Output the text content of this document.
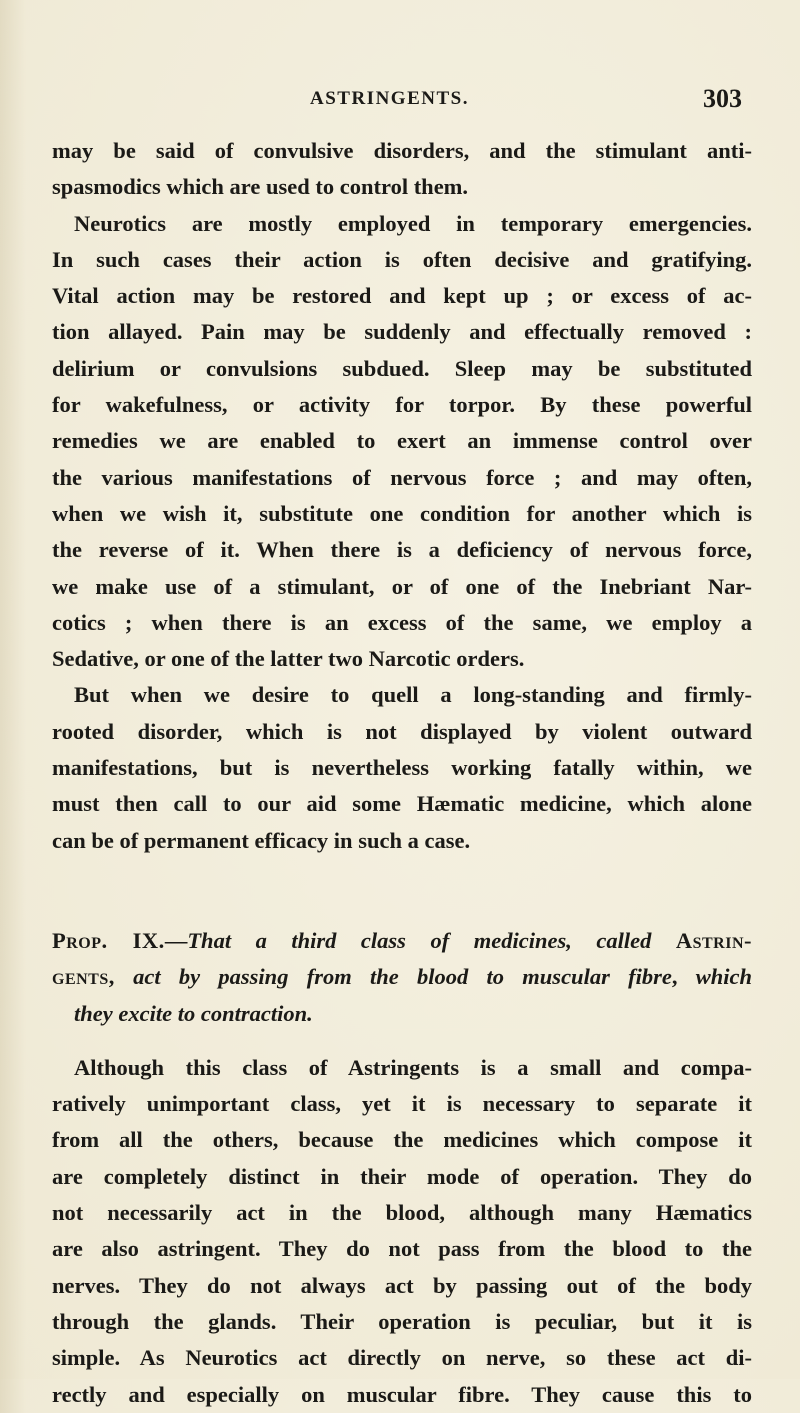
ASTRINGENTS.	303
may be said of convulsive disorders, and the stimulant anti-
spasmodics which are used to control them.
Neurotics are mostly employed in temporary emergencies.
In such cases their action is often decisive and gratifying.
Vital action may be restored and kept up ; or excess of ac-
tion allayed. Pain may be suddenly and effectually removed :
delirium or convulsions subdued. Sleep may be substituted
for wakefulness, or activity for torpor. By these powerful
remedies we are enabled to exert an immense control over
the various manifestations of nervous force ; and may often,
when we wish it, substitute one condition for another which is
the reverse of it. When there is a deficiency of nervous force,
we make use of a stimulant, or of one of the Inebriant Nar-
cotics ; when there is an excess of the same, we employ a
Sedative, or one of the latter two Narcotic orders.
But when we desire to quell a long-standing and firmly-
rooted disorder, which is not displayed by violent outward
manifestations, but is nevertheless working fatally within, we
must then call to our aid some Hæmatic medicine, which alone
can be of permanent efficacy in such a case.
Prop. IX.—That a third class of medicines, called Astrin-
gents, act by passing from the blood to muscular fibre, which
they excite to contraction.
Although this class of Astringents is a small and compa-
ratively unimportant class, yet it is necessary to separate it
from all the others, because the medicines which compose it
are completely distinct in their mode of operation. They do
not necessarily act in the blood, although many Hæmatics
are also astringent. They do not pass from the blood to the
nerves. They do not always act by passing out of the body
through the glands. Their operation is peculiar, but it is
simple. As Neurotics act directly on nerve, so these act di-
rectly and especially on muscular fibre. They cause this to
